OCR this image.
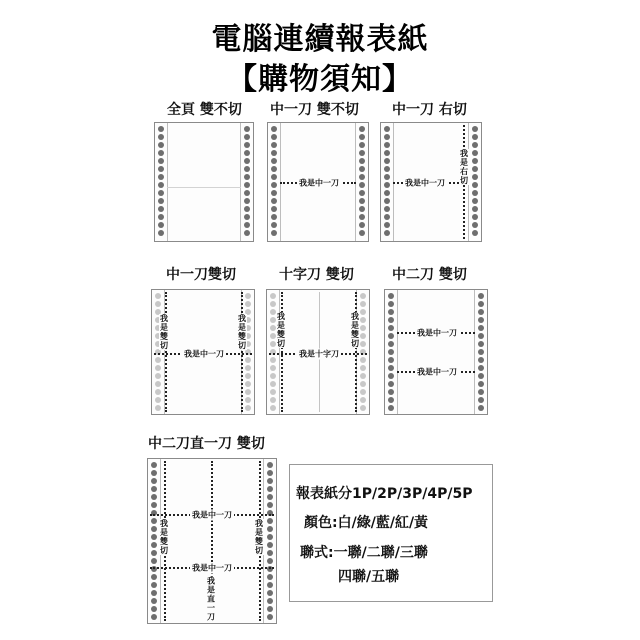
電腦連續報表紙
【購物須知】
全頁 雙不切 中一刀 雙不切
我是中一刀
中一刀 右切
我是中一刀
我是右切
中一刀雙切
我是中一刀
我是雙切
我是雙切
十字刀 雙切
我是十字刀
我是雙切
我是雙切
中二刀 雙切
我是中一刀
我是中一刀
中二刀直一刀 雙切
我是中一刀
我是中一刀
我是雙切
我是雙切
我是直一刀
報表紙分1P/2P/3P/4P/5P
顏色:白/綠/藍/紅/黃
聯式:一聯/二聯/三聯
四聯/五聯
